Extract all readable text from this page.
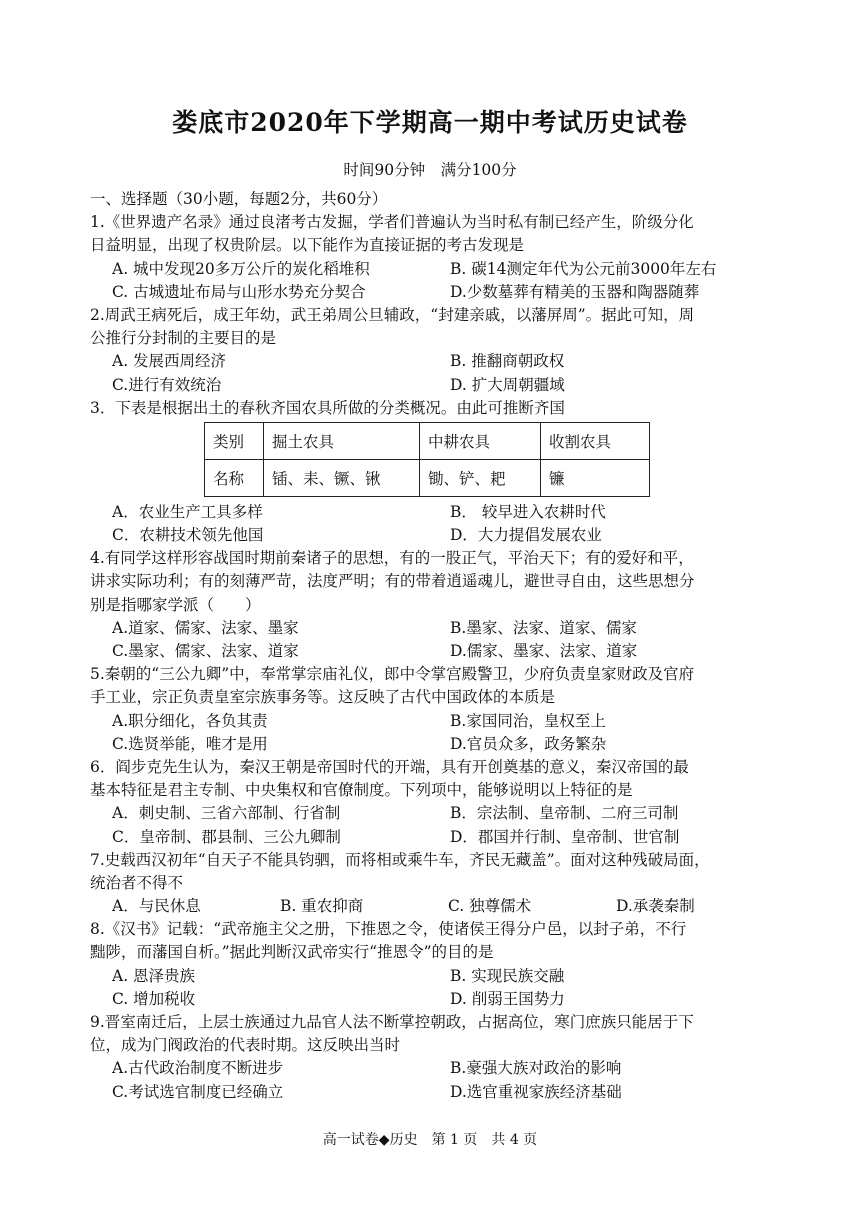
娄底市2020年下学期高一期中考试历史试卷
时间90分钟　满分100分
一、选择题（30小题，每题2分，共60分）
1.《世界遗产名录》通过良渚考古发掘，学者们普遍认为当时私有制已经产生，阶级分化
日益明显，出现了权贵阶层。以下能作为直接证据的考古发现是
A. 城中发现20多万公斤的炭化稻堆积	B. 碳14测定年代为公元前3000年左右
C. 古城遗址布局与山形水势充分契合	D.少数墓葬有精美的玉器和陶器随葬
2.周武王病死后，成王年幼，武王弟周公旦辅政，“封建亲戚，以藩屏周”。据此可知，周
公推行分封制的主要目的是
A. 发展西周经济	B. 推翻商朝政权
C.进行有效统治	D. 扩大周朝疆域
3．下表是根据出土的春秋齐国农具所做的分类概况。由此可推断齐国
类别	掘土农具	中耕农具	收割农具
名称	锸、耒、镢、锹	锄、铲、耙	镰
A．农业生产工具多样	B． 较早进入农耕时代
C．农耕技术领先他国	D．大力提倡发展农业
4.有同学这样形容战国时期前秦诸子的思想，有的一股正气，平治天下；有的爱好和平，
讲求实际功利；有的刻薄严苛，法度严明；有的带着逍遥魂儿，避世寻自由，这些思想分
别是指哪家学派（　　）
A.道家、儒家、法家、墨家	B.墨家、法家、道家、儒家
C.墨家、儒家、法家、道家	D.儒家、墨家、法家、道家
5.秦朝的“三公九卿”中，奉常掌宗庙礼仪，郎中令掌宫殿警卫，少府负责皇家财政及官府
手工业，宗正负责皇室宗族事务等。这反映了古代中国政体的本质是
A.职分细化，各负其责	B.家国同治，皇权至上
C.选贤举能，唯才是用	D.官员众多，政务繁杂
6．阎步克先生认为，秦汉王朝是帝国时代的开端，具有开创奠基的意义，秦汉帝国的最
基本特征是君主专制、中央集权和官僚制度。下列项中，能够说明以上特征的是
A．刺史制、三省六部制、行省制	B．宗法制、皇帝制、二府三司制
C．皇帝制、郡县制、三公九卿制	D．郡国并行制、皇帝制、世官制
7.史载西汉初年“自天子不能具钧驷，而将相或乘牛车，齐民无藏盖”。面对这种残破局面，
统治者不得不
A．与民休息	B. 重农抑商	C. 独尊儒术	D.承袭秦制
8.《汉书》记载：“武帝施主父之册，下推恩之令，使诸侯王得分户邑，以封子弟，不行
黜陟，而藩国自析。”据此判断汉武帝实行“推恩令”的目的是
A. 恩泽贵族	B. 实现民族交融
C. 增加税收	D. 削弱王国势力
9.晋室南迁后，上层士族通过九品官人法不断掌控朝政，占据高位，寒门庶族只能居于下
位，成为门阀政治的代表时期。这反映出当时
A.古代政治制度不断进步	B.豪强大族对政治的影响
C.考试选官制度已经确立	D.选官重视家族经济基础
高一试卷◆历史　第 1 页　共 4 页
